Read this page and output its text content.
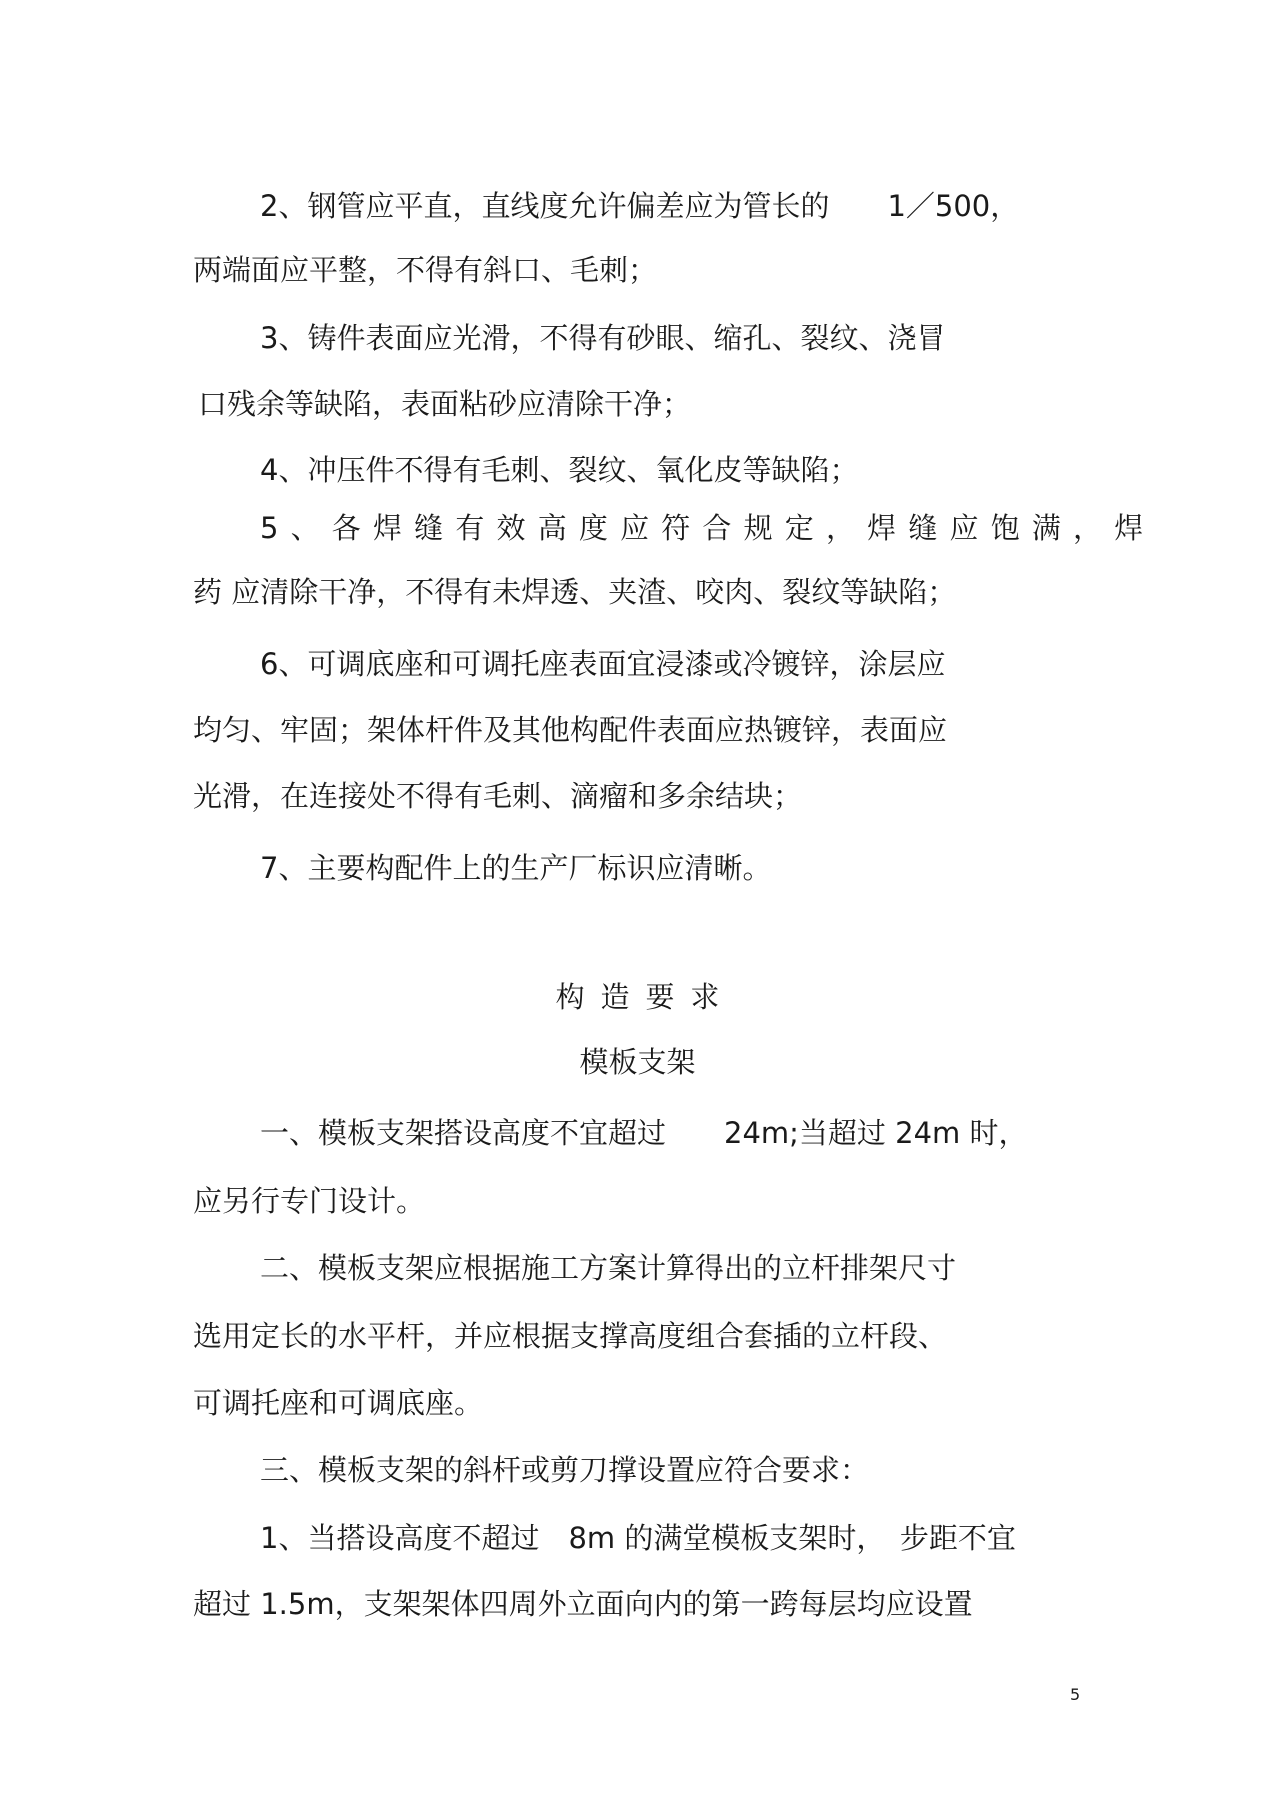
2、钢管应平直，直线度允许偏差应为管长的　　1／500，

两端面应平整，不得有斜口、毛刺；

3、铸件表面应光滑，不得有砂眼、缩孔、裂纹、浇冒

口残余等缺陷，表面粘砂应清除干净；

4、冲压件不得有毛刺、裂纹、氧化皮等缺陷；

5、各焊缝有效高度应符合规定，焊缝应饱满，焊

药 应清除干净，不得有未焊透、夹渣、咬肉、裂纹等缺陷；

6、可调底座和可调托座表面宜浸漆或冷镀锌，涂层应

均匀、牢固；架体杆件及其他构配件表面应热镀锌，表面应

光滑，在连接处不得有毛刺、滴瘤和多余结块；

7、主要构配件上的生产厂标识应清晰。

构造要求
模板支架

一、模板支架搭设高度不宜超过　　24m;当超过 24m 时，

应另行专门设计。

二、模板支架应根据施工方案计算得出的立杆排架尺寸

选用定长的水平杆，并应根据支撑高度组合套插的立杆段、

可调托座和可调底座。

三、模板支架的斜杆或剪刀撑设置应符合要求：

1、当搭设高度不超过　8m 的满堂模板支架时，　步距不宜

超过 1.5m，支架架体四周外立面向内的第一跨每层均应设置

5
